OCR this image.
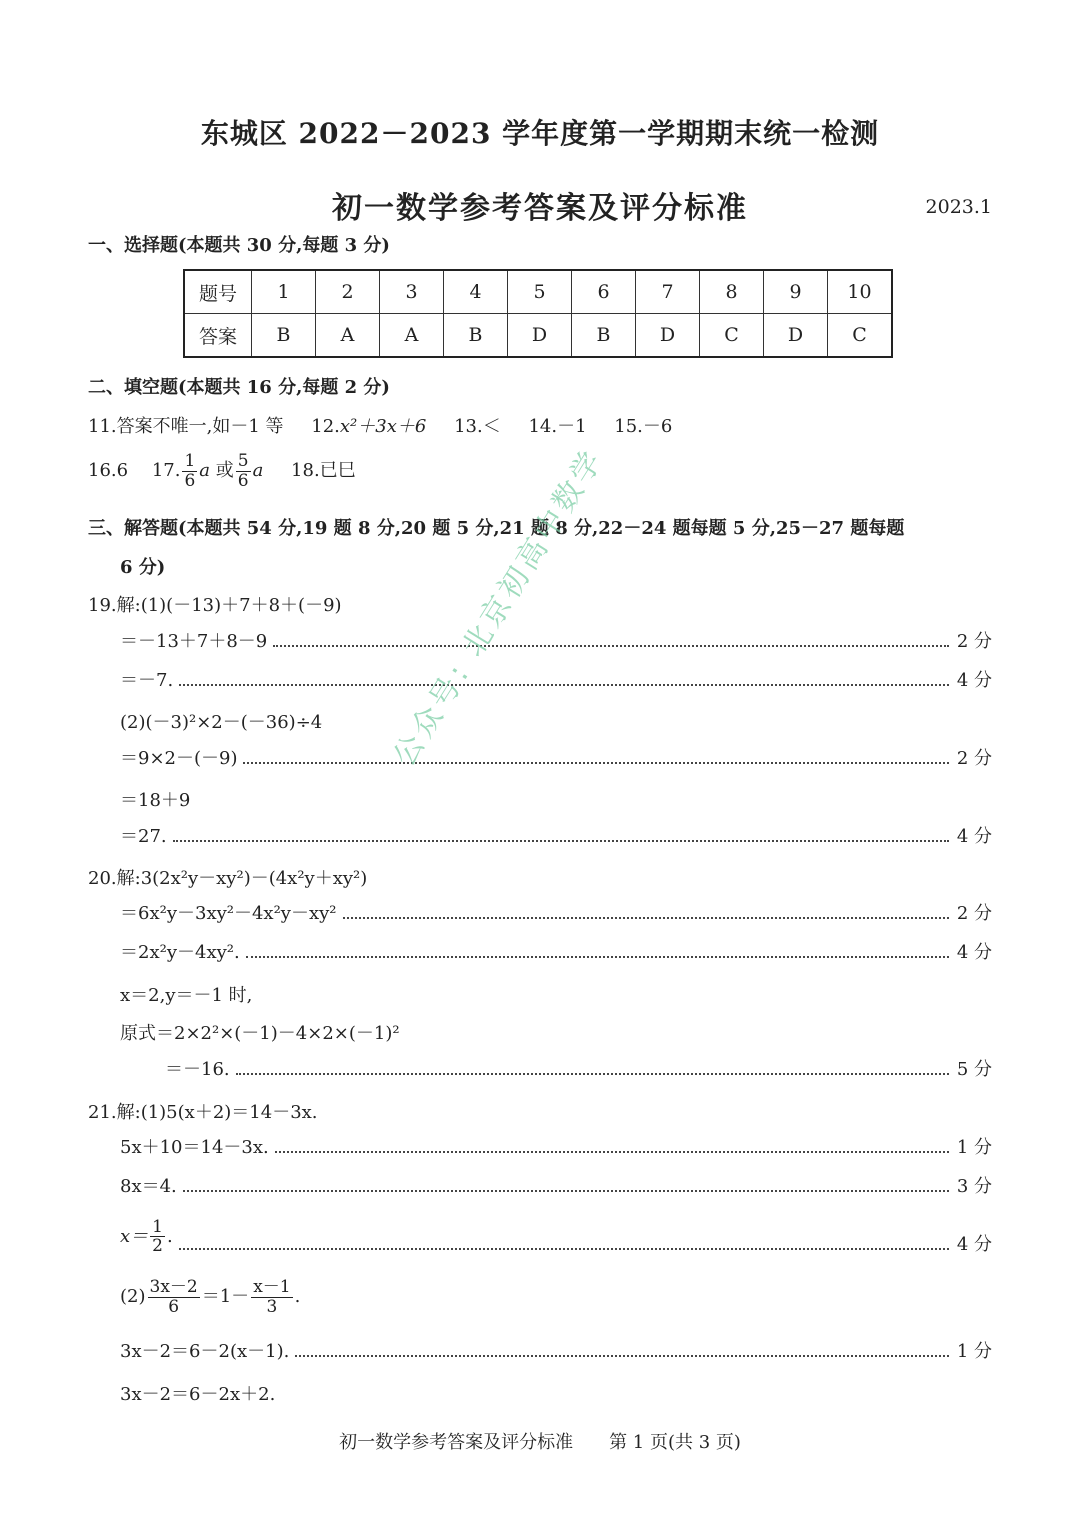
东城区 2022－2023 学年度第一学期期末统一检测
初一数学参考答案及评分标准	2023.1
一、选择题(本题共 30 分,每题 3 分)
题号	1	2	3	4	5	6	7	8	9	10
答案	B	A	A	B	D	B	D	C	D	C
二、填空题(本题共 16 分,每题 2 分)
11.答案不唯一,如－1 等 12.x²＋3x＋6 13.＜ 14.－1 15.－6
16.6 17. $\frac{1}{6}$ a 或 $\frac{5}{6}$ a 18.已巳
三、解答题(本题共 54 分,19 题 8 分,20 题 5 分,21 题 8 分,22－24 题每题 5 分,25－27 题每题
6 分)
19.解:(1)(－13)＋7＋8＋(－9)
＝－13＋7＋8－9	2 分
＝－7.	4 分
(2)(－3)²×2－(－36)÷4
＝9×2－(－9)	2 分
＝18＋9
＝27.	4 分
20.解:3(2x²y－xy²)－(4x²y＋xy²)
＝6x²y－3xy²－4x²y－xy²	2 分
＝2x²y－4xy².	4 分
x＝2,y＝－1 时,
原式＝2×2²×(－1)－4×2×(－1)²
＝－16.	5 分
21.解:(1)5(x＋2)＝14－3x.
5x＋10＝14－3x.	1 分
8x＝4.	3 分
$x= \frac{1}{2}$ .	4 分
$(2) \frac{3x-2}{6} =1- \frac{x-1}{3}$ .
3x－2＝6－2(x－1).	1 分
3x－2＝6－2x＋2.
公众号: 北京初高中数学
初一数学参考答案及评分标准　　第 1 页(共 3 页)
